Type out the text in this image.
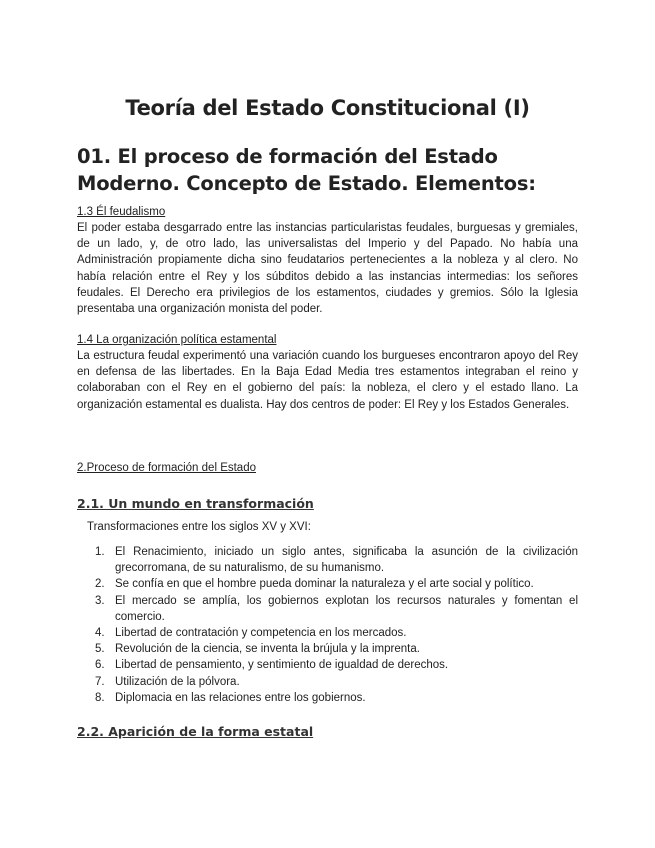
Teoría del Estado Constitucional (I)
01. El proceso de formación del Estado Moderno. Concepto de Estado. Elementos:

1.3 Él feudalismo

El poder estaba desgarrado entre las instancias particularistas feudales, burguesas y gremiales, de un lado, y, de otro lado, las universalistas del Imperio y del Papado. No había una Administración propiamente dicha sino feudatarios pertenecientes a la nobleza y al clero. No había relación entre el Rey y los súbditos debido a las instancias intermedias: los señores feudales. El Derecho era privilegios de los estamentos, ciudades y gremios. Sólo la Iglesia presentaba una organización monista del poder.

1.4 La organización política estamental

La estructura feudal experimentó una variación cuando los burgueses encontraron apoyo del Rey en defensa de las libertades. En la Baja Edad Media tres estamentos integraban el reino y colaboraban con el Rey en el gobierno del país: la nobleza, el clero y el estado llano. La organización estamental es dualista. Hay dos centros de poder: El Rey y los Estados Generales.

2.Proceso de formación del Estado

2.1. Un mundo en transformación

Transformaciones entre los siglos XV y XVI:

1. El Renacimiento, iniciado un siglo antes, significaba la asunción de la civilización grecorromana, de su naturalismo, de su humanismo.
2. Se confía en que el hombre pueda dominar la naturaleza y el arte social y político.
3. El mercado se amplía, los gobiernos explotan los recursos naturales y fomentan el comercio.
4. Libertad de contratación y competencia en los mercados.
5. Revolución de la ciencia, se inventa la brújula y la imprenta.
6. Libertad de pensamiento, y sentimiento de igualdad de derechos.
7. Utilización de la pólvora.
8. Diplomacia en las relaciones entre los gobiernos.
2.2. Aparición de la forma estatal
